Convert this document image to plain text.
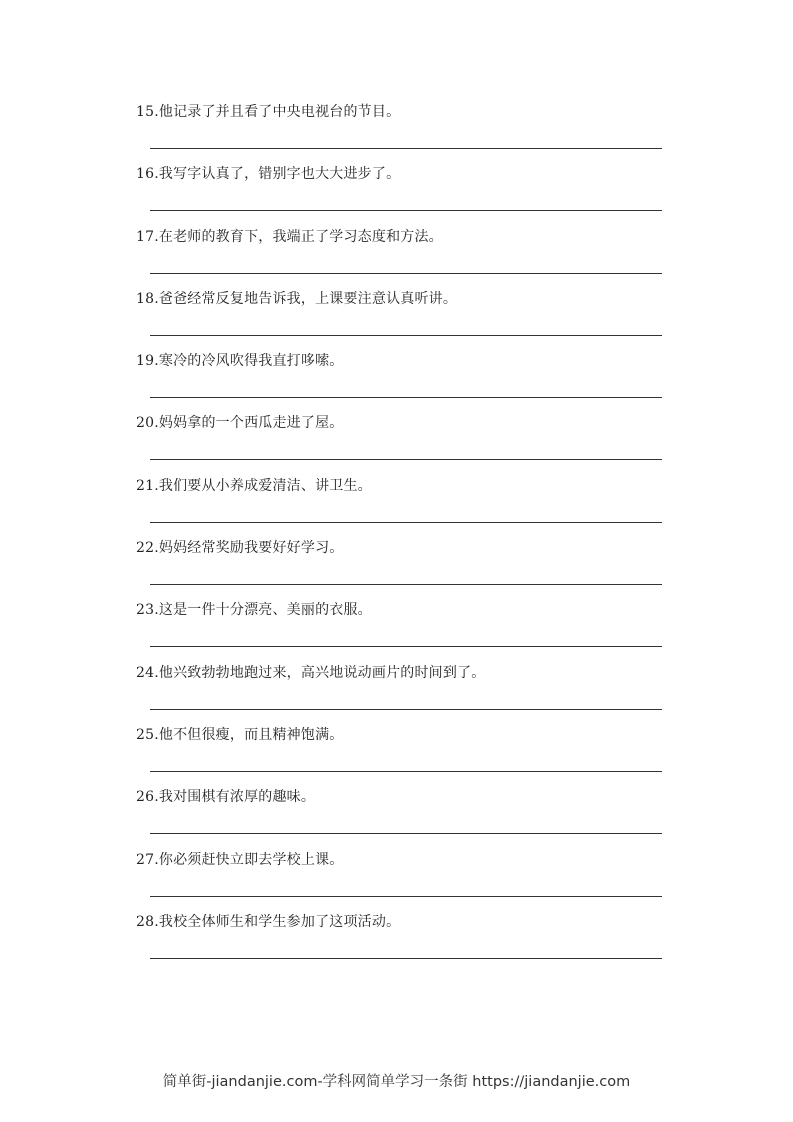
15.他记录了并且看了中央电视台的节目。
16.我写字认真了，错别字也大大进步了。
17.在老师的教育下，我端正了学习态度和方法。
18.爸爸经常反复地告诉我，上课要注意认真听讲。
19.寒冷的冷风吹得我直打哆嗦。
20.妈妈拿的一个西瓜走进了屋。
21.我们要从小养成爱清洁、讲卫生。
22.妈妈经常奖励我要好好学习。
23.这是一件十分漂亮、美丽的衣服。
24.他兴致勃勃地跑过来，高兴地说动画片的时间到了。
25.他不但很瘦，而且精神饱满。
26.我对围棋有浓厚的趣味。
27.你必须赶快立即去学校上课。
28.我校全体师生和学生参加了这项活动。
简单街-jiandanjie.com-学科网简单学习一条街 https://jiandanjie.com
